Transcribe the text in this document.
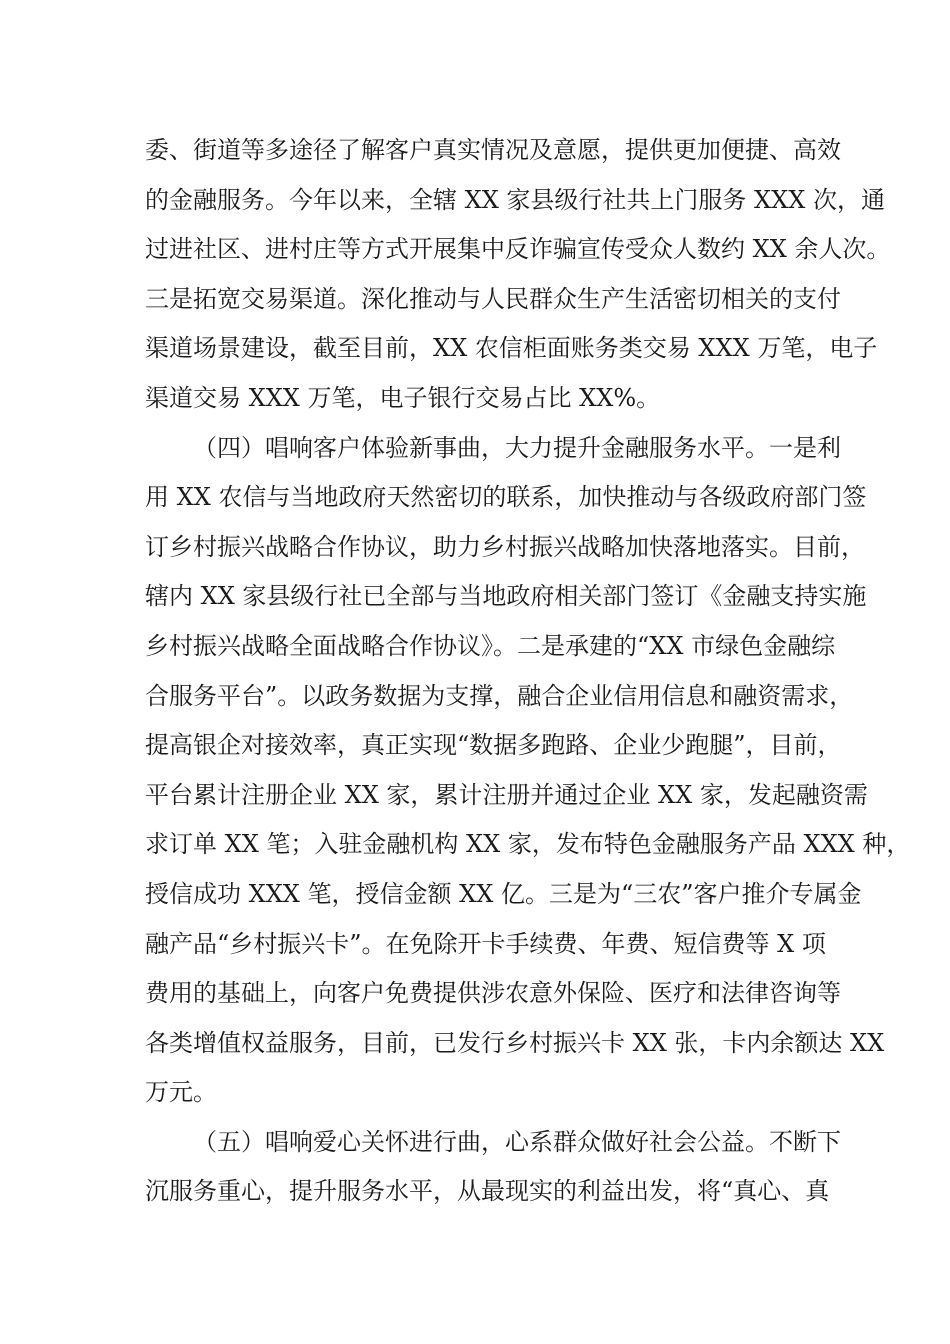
委、街道等多途径了解客户真实情况及意愿，提供更加便捷、高效
的金融服务。今年以来，全辖 XX 家县级行社共上门服务 XXX 次，通
过进社区、进村庄等方式开展集中反诈骗宣传受众人数约 XX 余人次。
三是拓宽交易渠道。深化推动与人民群众生产生活密切相关的支付
渠道场景建设，截至目前，XX 农信柜面账务类交易 XXX 万笔，电子
渠道交易 XXX 万笔，电子银行交易占比 XX%。
（四）唱响客户体验新事曲，大力提升金融服务水平。一是利
用 XX 农信与当地政府天然密切的联系，加快推动与各级政府部门签
订乡村振兴战略合作协议，助力乡村振兴战略加快落地落实。目前，
辖内 XX 家县级行社已全部与当地政府相关部门签订《金融支持实施
乡村振兴战略全面战略合作协议》。二是承建的“XX 市绿色金融综
合服务平台”。以政务数据为支撑，融合企业信用信息和融资需求，
提高银企对接效率，真正实现“数据多跑路、企业少跑腿”，目前，
平台累计注册企业 XX 家，累计注册并通过企业 XX 家，发起融资需
求订单 XX 笔；入驻金融机构 XX 家，发布特色金融服务产品 XXX 种，
授信成功 XXX 笔，授信金额 XX 亿。三是为“三农”客户推介专属金
融产品“乡村振兴卡”。在免除开卡手续费、年费、短信费等 X 项
费用的基础上，向客户免费提供涉农意外保险、医疗和法律咨询等
各类增值权益服务，目前，已发行乡村振兴卡 XX 张，卡内余额达 XX
万元。
（五）唱响爱心关怀进行曲，心系群众做好社会公益。不断下
沉服务重心，提升服务水平，从最现实的利益出发，将“真心、真
